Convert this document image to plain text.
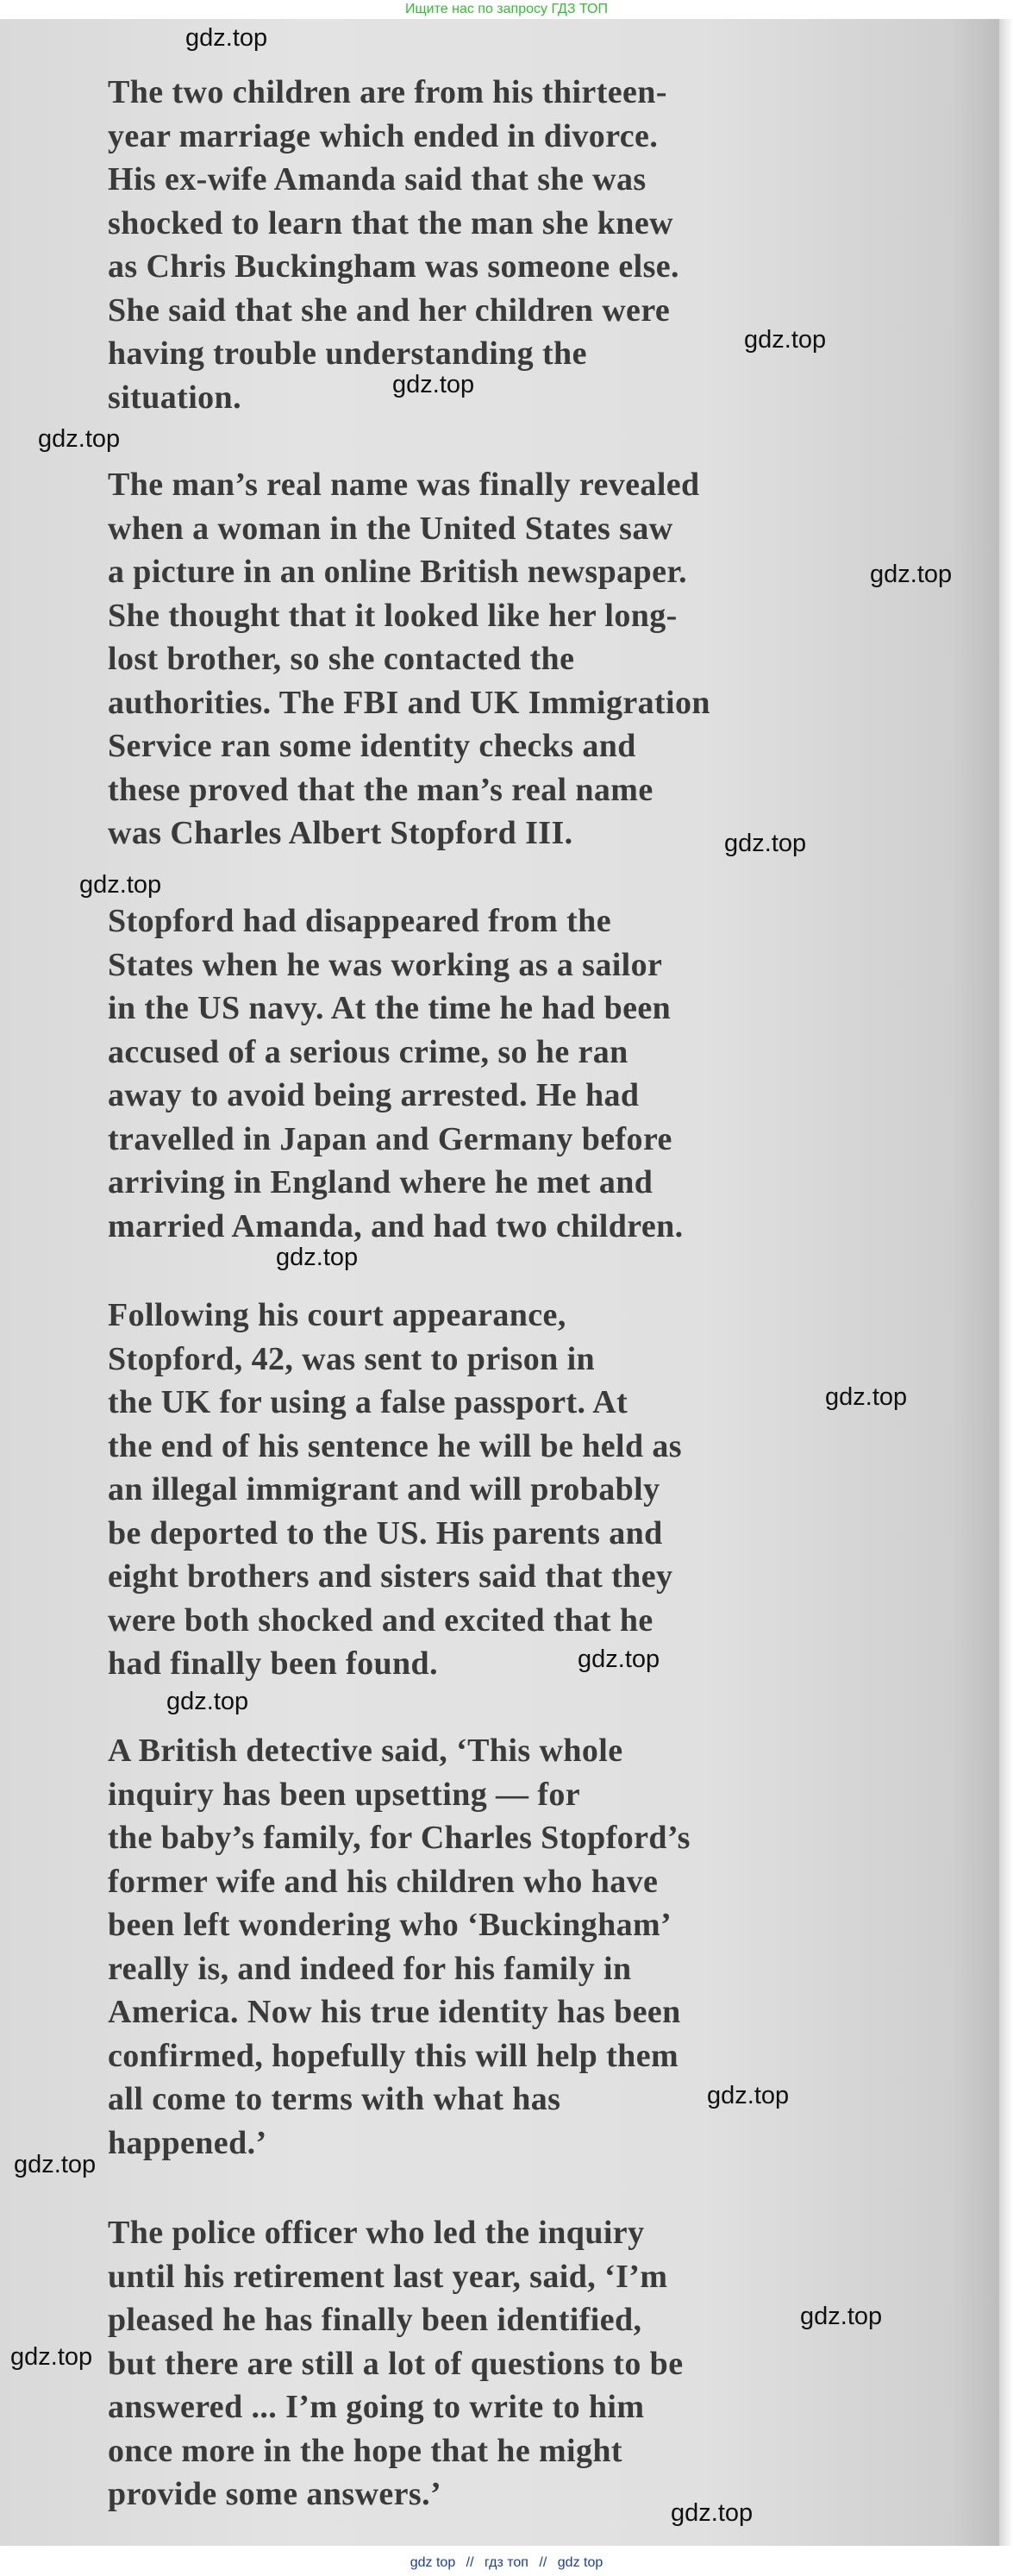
Ищите нас по запросу ГДЗ ТОП
The two children are from his thirteen-
year marriage which ended in divorce.
His ex-wife Amanda said that she was
shocked to learn that the man she knew
as Chris Buckingham was someone else.
She said that she and her children were
having trouble understanding the
situation.
The man’s real name was finally revealed
when a woman in the United States saw
a picture in an online British newspaper.
She thought that it looked like her long-
lost brother, so she contacted the
authorities. The FBI and UK Immigration
Service ran some identity checks and
these proved that the man’s real name
was Charles Albert Stopford III.
Stopford had disappeared from the
States when he was working as a sailor
in the US navy. At the time he had been
accused of a serious crime, so he ran
away to avoid being arrested. He had
travelled in Japan and Germany before
arriving in England where he met and
married Amanda, and had two children.
Following his court appearance,
Stopford, 42, was sent to prison in
the UK for using a false passport. At
the end of his sentence he will be held as
an illegal immigrant and will probably
be deported to the US. His parents and
eight brothers and sisters said that they
were both shocked and excited that he
had finally been found.
A British detective said, ‘This whole
inquiry has been upsetting — for
the baby’s family, for Charles Stopford’s
former wife and his children who have
been left wondering who ‘Buckingham’
really is, and indeed for his family in
America. Now his true identity has been
confirmed, hopefully this will help them
all come to terms with what has
happened.’
The police officer who led the inquiry
until his retirement last year, said, ‘I’m
pleased he has finally been identified,
but there are still a lot of questions to be
answered ... I’m going to write to him
once more in the hope that he might
provide some answers.’
gdz.top
gdz.top
gdz.top
gdz.top
gdz.top
gdz.top
gdz.top
gdz.top
gdz.top
gdz.top
gdz.top
gdz.top
gdz.top
gdz.top
gdz.top
gdz.top
gdz top // гдз топ // gdz top
